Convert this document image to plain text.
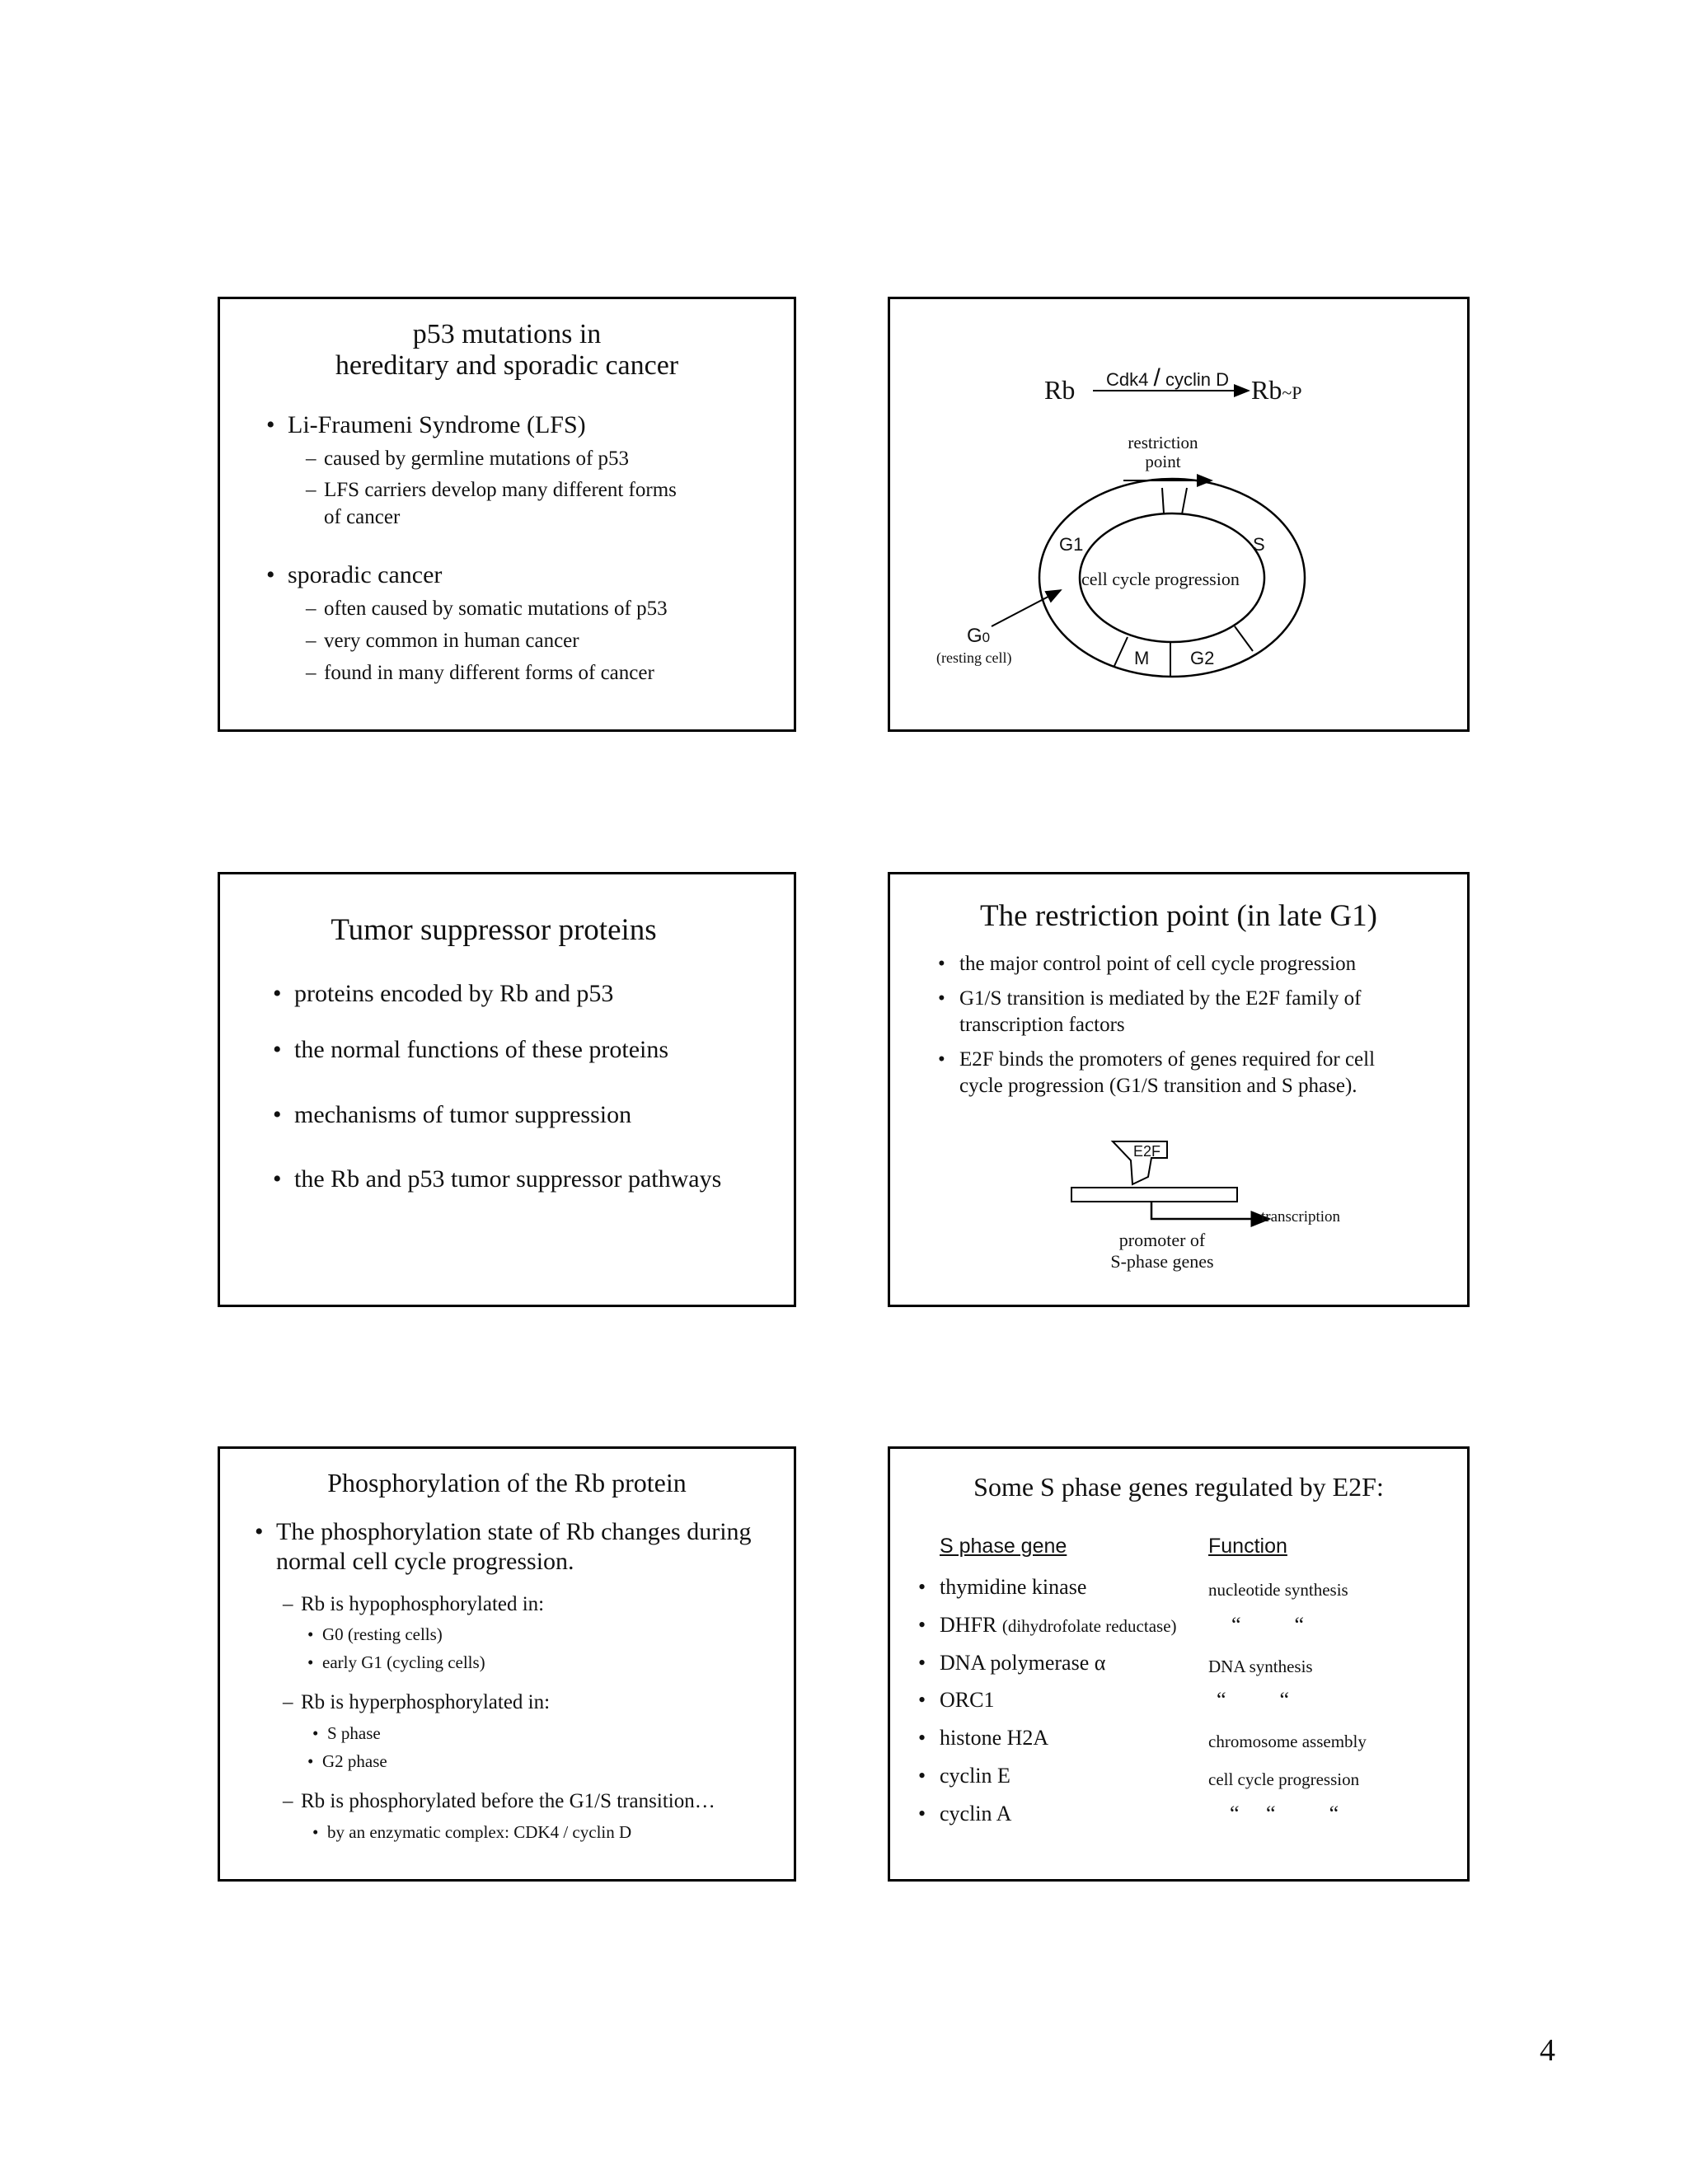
p53 mutations in
hereditary and sporadic cancer
• Li-Fraumeni Syndrome (LFS)
– caused by germline mutations of p53
– LFS carriers develop many different forms
of cancer
• sporadic cancer
– often caused by somatic mutations of p53
– very common in human cancer
– found in many different forms of cancer
Rb Cdk4 / cyclin D Rb~P
restriction
point
G1	S
cell cycle progression
M G2
G0
(resting cell)
Tumor suppressor proteins
• proteins encoded by Rb and p53
• the normal functions of these proteins
• mechanisms of tumor suppression
• the Rb and p53 tumor suppressor pathways
The restriction point (in late G1)
• the major control point of cell cycle progression
• G1/S transition is mediated by the E2F family of
transcription factors
• E2F binds the promoters of genes required for cell
cycle progression (G1/S transition and S phase).
E2F
transcription
promoter of
S-phase genes
Phosphorylation of the Rb protein
• The phosphorylation state of Rb changes during
normal cell cycle progression.
– Rb is hypophosphorylated in:
• G0 (resting cells)
• early G1 (cycling cells)
– Rb is hyperphosphorylated in:
• S phase
• G2 phase
– Rb is phosphorylated before the G1/S transition…
• by an enzymatic complex: CDK4 / cyclin D
Some S phase genes regulated by E2F:
S phase gene	Function
• thymidine kinase	nucleotide synthesis
• DHFR (dihydrofolate reductase)	“          “
• DNA polymerase α	DNA synthesis
• ORC1	“          “
• histone H2A	chromosome assembly
• cyclin E	cell cycle progression
• cyclin A	“     “          “
4
